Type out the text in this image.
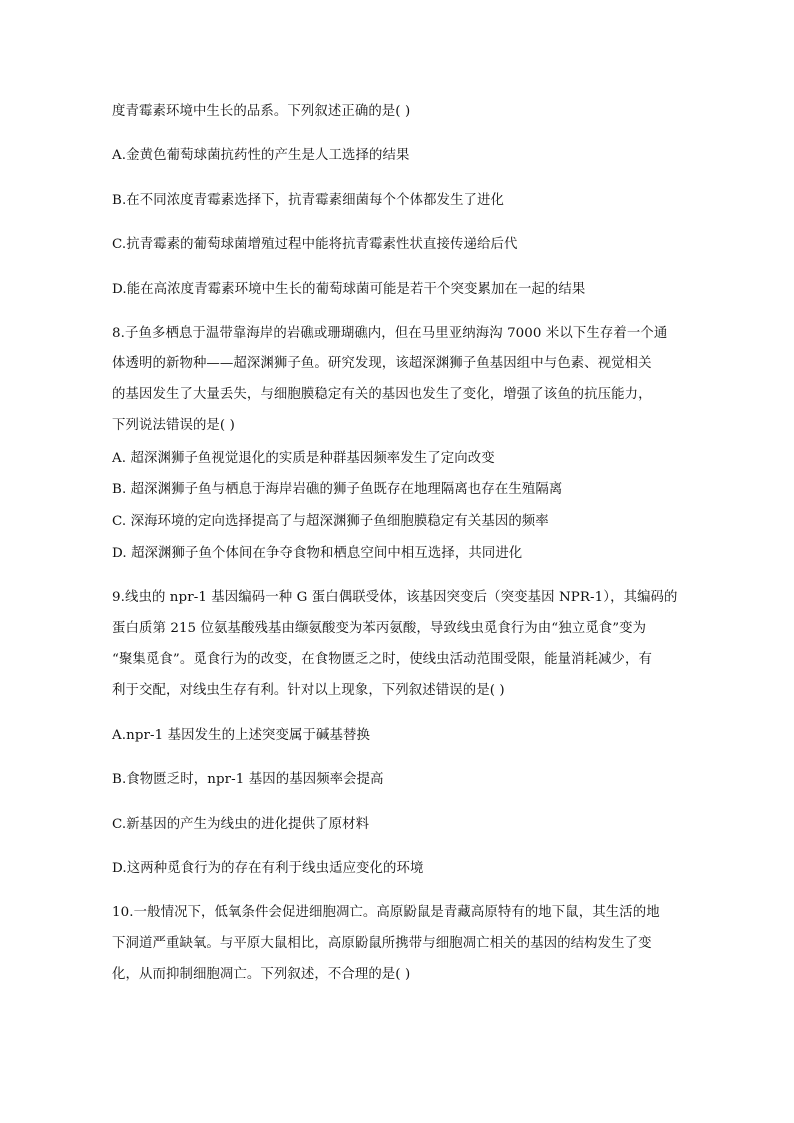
度青霉素环境中生长的品系。下列叙述正确的是( )
A.金黄色葡萄球菌抗药性的产生是人工选择的结果
B.在不同浓度青霉素选择下，抗青霉素细菌每个个体都发生了进化
C.抗青霉素的葡萄球菌增殖过程中能将抗青霉素性状直接传递给后代
D.能在高浓度青霉素环境中生长的葡萄球菌可能是若干个突变累加在一起的结果
8.子鱼多栖息于温带靠海岸的岩礁或珊瑚礁内，但在马里亚纳海沟 7000 米以下生存着一个通
体透明的新物种——超深渊狮子鱼。研究发现，该超深渊狮子鱼基因组中与色素、视觉相关
的基因发生了大量丢失，与细胞膜稳定有关的基因也发生了变化，增强了该鱼的抗压能力，
下列说法错误的是( )
A. 超深渊狮子鱼视觉退化的实质是种群基因频率发生了定向改变
B. 超深渊狮子鱼与栖息于海岸岩礁的狮子鱼既存在地理隔离也存在生殖隔离
C. 深海环境的定向选择提高了与超深渊狮子鱼细胞膜稳定有关基因的频率
D. 超深渊狮子鱼个体间在争夺食物和栖息空间中相互选择，共同进化
9.线虫的 npr-1 基因编码一种 G 蛋白偶联受体，该基因突变后（突变基因 NPR-1），其编码的
蛋白质第 215 位氨基酸残基由缬氨酸变为苯丙氨酸，导致线虫觅食行为由“独立觅食”变为
“聚集觅食”。觅食行为的改变，在食物匮乏之时，使线虫活动范围受限，能量消耗减少，有
利于交配，对线虫生存有利。针对以上现象，下列叙述错误的是( )
A.npr-1 基因发生的上述突变属于碱基替换
B.食物匮乏时，npr-1 基因的基因频率会提高
C.新基因的产生为线虫的进化提供了原材料
D.这两种觅食行为的存在有利于线虫适应变化的环境
10.一般情况下，低氧条件会促进细胞凋亡。高原鼢鼠是青藏高原特有的地下鼠，其生活的地
下洞道严重缺氧。与平原大鼠相比，高原鼢鼠所携带与细胞凋亡相关的基因的结构发生了变
化，从而抑制细胞凋亡。下列叙述，不合理的是( )
